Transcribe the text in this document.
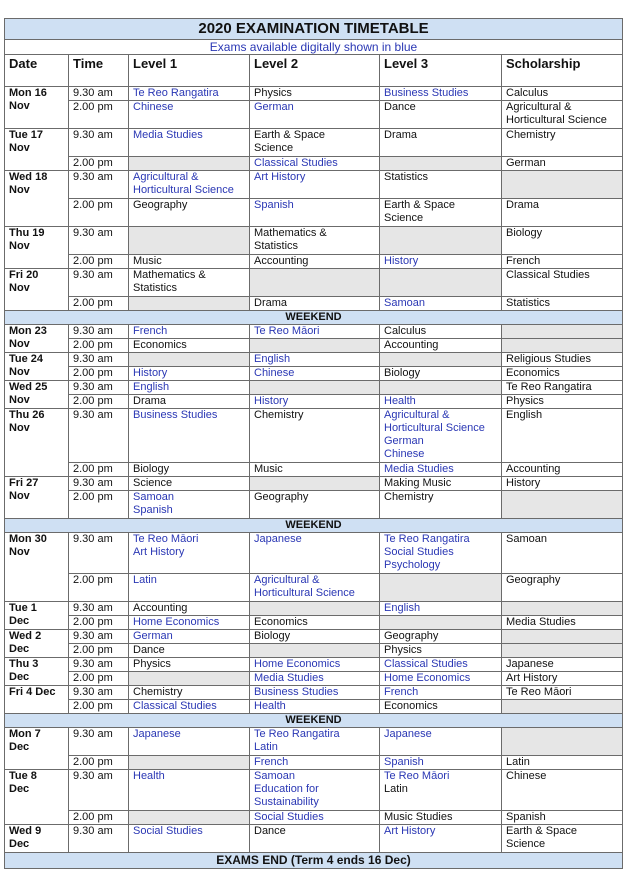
2020 EXAMINATION TIMETABLE					
Exams available digitally shown in blue					
Date	Time	Level 1	Level 2	Level 3	Scholarship

Mon 16
Nov	9.30 am	Te Reo Rangatira	Physics	Business Studies	Calculus

	2.00 pm	Chinese	German	Dance	Agricultural &
Horticultural Science

Tue 17
Nov	9.30 am	Media Studies	Earth & Space
Science	Drama	Chemistry

	2.00 pm		Classical Studies		German

Wed 18
Nov	9.30 am	Agricultural &
Horticultural Science	Art History	Statistics	

	2.00 pm	Geography	Spanish	Earth & Space
Science	Drama

Thu 19
Nov	9.30 am		Mathematics &
Statistics		Biology

	2.00 pm	Music	Accounting	History	French

Fri 20
Nov	9.30 am	Mathematics &
Statistics			Classical Studies

	2.00 pm		Drama	Samoan	Statistics

WEEKEND					

Mon 23
Nov	9.30 am	French	Te Reo Māori	Calculus	

	2.00 pm	Economics		Accounting	

Tue 24
Nov	9.30 am		English		Religious Studies

	2.00 pm	History	Chinese	Biology	Economics

Wed 25
Nov	9.30 am	English			Te Reo Rangatira

	2.00 pm	Drama	History	Health	Physics

Thu 26
Nov	9.30 am	Business Studies	Chemistry	Agricultural &
Horticultural Science
German
Chinese	English

	2.00 pm	Biology	Music	Media Studies	Accounting

Fri 27
Nov	9.30 am	Science		Making Music	History

	2.00 pm	Samoan
Spanish	Geography	Chemistry	

WEEKEND					

Mon 30
Nov	9.30 am	Te Reo Māori
Art History	Japanese	Te Reo Rangatira
Social Studies
Psychology	Samoan

	2.00 pm	Latin	Agricultural &
Horticultural Science		Geography

Tue 1
Dec	9.30 am	Accounting		English	

	2.00 pm	Home Economics	Economics		Media Studies

Wed 2
Dec	9.30 am	German	Biology	Geography	

	2.00 pm	Dance		Physics	

Thu 3
Dec	9.30 am	Physics	Home Economics	Classical Studies	Japanese

	2.00 pm		Media Studies	Home Economics	Art History

Fri 4 Dec	9.30 am	Chemistry	Business Studies	French	Te Reo Māori

	2.00 pm	Classical Studies	Health	Economics	

WEEKEND					

Mon 7
Dec	9.30 am	Japanese	Te Reo Rangatira
Latin	Japanese	

	2.00 pm		French	Spanish	Latin

Tue 8
Dec	9.30 am	Health	Samoan
Education for
Sustainability	Te Reo Māori
Latin	Chinese

	2.00 pm		Social Studies	Music Studies	Spanish

Wed 9
Dec	9.30 am	Social Studies	Dance	Art History	Earth & Space
Science

EXAMS END (Term 4 ends 16 Dec)					
